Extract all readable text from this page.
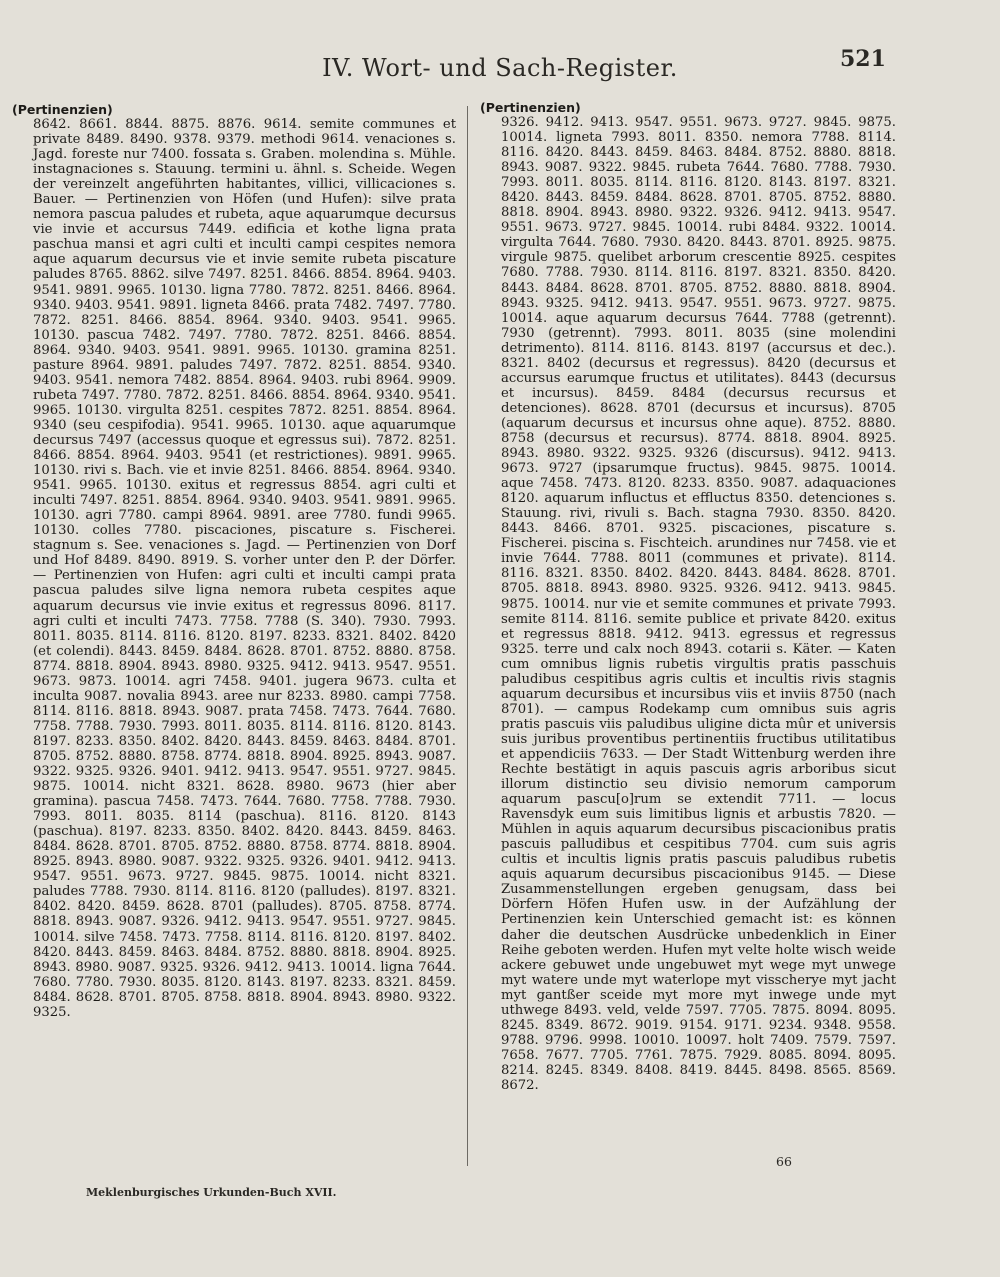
IV. Wort- und Sach-Register.	521
(Pertinenzien)
8642. 8661. 8844. 8875. 8876. 9614. semite communes et private 8489. 8490. 9378. 9379. methodi 9614. venaciones s. Jagd. foreste nur 7400. fossata s. Graben. molendina s. Mühle. instagnaciones s. Stauung. termini u. ähnl. s. Scheide. Wegen der vereinzelt angeführten habitantes, villici, villicaciones s. Bauer. — Pertinenzien von Höfen (und Hufen): silve prata nemora pascua paludes et rubeta, aque aquarumque decursus vie invie et accursus 7449. edificia et kothe ligna prata paschua mansi et agri culti et inculti campi cespites nemora aque aquarum decursus vie et invie semite rubeta piscature paludes 8765. 8862. silve 7497. 8251. 8466. 8854. 8964. 9403. 9541. 9891. 9965. 10130. ligna 7780. 7872. 8251. 8466. 8964. 9340. 9403. 9541. 9891. ligneta 8466. prata 7482. 7497. 7780. 7872. 8251. 8466. 8854. 8964. 9340. 9403. 9541. 9965. 10130. pascua 7482. 7497. 7780. 7872. 8251. 8466. 8854. 8964. 9340. 9403. 9541. 9891. 9965. 10130. gramina 8251. pasture 8964. 9891. paludes 7497. 7872. 8251. 8854. 9340. 9403. 9541. nemora 7482. 8854. 8964. 9403. rubi 8964. 9909. rubeta 7497. 7780. 7872. 8251. 8466. 8854. 8964. 9340. 9541. 9965. 10130. virgulta 8251. cespites 7872. 8251. 8854. 8964. 9340 (seu cespifodia). 9541. 9965. 10130. aque aquarumque decursus 7497 (accessus quoque et egressus sui). 7872. 8251. 8466. 8854. 8964. 9403. 9541 (et restrictiones). 9891. 9965. 10130. rivi s. Bach. vie et invie 8251. 8466. 8854. 8964. 9340. 9541. 9965. 10130. exitus et regressus 8854. agri culti et inculti 7497. 8251. 8854. 8964. 9340. 9403. 9541. 9891. 9965. 10130. agri 7780. campi 8964. 9891. aree 7780. fundi 9965. 10130. colles 7780. piscaciones, piscature s. Fischerei. stagnum s. See. venaciones s. Jagd. — Pertinenzien von Dorf und Hof 8489. 8490. 8919. S. vorher unter den P. der Dörfer. — Pertinenzien von Hufen: agri culti et inculti campi prata pascua paludes silve ligna nemora rubeta cespites aque aquarum decursus vie invie exitus et regressus 8096. 8117. agri culti et inculti 7473. 7758. 7788 (S. 340). 7930. 7993. 8011. 8035. 8114. 8116. 8120. 8197. 8233. 8321. 8402. 8420 (et colendi). 8443. 8459. 8484. 8628. 8701. 8752. 8880. 8758. 8774. 8818. 8904. 8943. 8980. 9325. 9412. 9413. 9547. 9551. 9673. 9873. 10014. agri 7458. 9401. jugera 9673. culta et inculta 9087. novalia 8943. aree nur 8233. 8980. campi 7758. 8114. 8116. 8818. 8943. 9087. prata 7458. 7473. 7644. 7680. 7758. 7788. 7930. 7993. 8011. 8035. 8114. 8116. 8120. 8143. 8197. 8233. 8350. 8402. 8420. 8443. 8459. 8463. 8484. 8701. 8705. 8752. 8880. 8758. 8774. 8818. 8904. 8925. 8943. 9087. 9322. 9325. 9326. 9401. 9412. 9413. 9547. 9551. 9727. 9845. 9875. 10014. nicht 8321. 8628. 8980. 9673 (hier aber gramina). pascua 7458. 7473. 7644. 7680. 7758. 7788. 7930. 7993. 8011. 8035. 8114 (paschua). 8116. 8120. 8143 (paschua). 8197. 8233. 8350. 8402. 8420. 8443. 8459. 8463. 8484. 8628. 8701. 8705. 8752. 8880. 8758. 8774. 8818. 8904. 8925. 8943. 8980. 9087. 9322. 9325. 9326. 9401. 9412. 9413. 9547. 9551. 9673. 9727. 9845. 9875. 10014. nicht 8321. paludes 7788. 7930. 8114. 8116. 8120 (palludes). 8197. 8321. 8402. 8420. 8459. 8628. 8701 (palludes). 8705. 8758. 8774. 8818. 8943. 9087. 9326. 9412. 9413. 9547. 9551. 9727. 9845. 10014. silve 7458. 7473. 7758. 8114. 8116. 8120. 8197. 8402. 8420. 8443. 8459. 8463. 8484. 8752. 8880. 8818. 8904. 8925. 8943. 8980. 9087. 9325. 9326. 9412. 9413. 10014. ligna 7644. 7680. 7780. 7930. 8035. 8120. 8143. 8197. 8233. 8321. 8459. 8484. 8628. 8701. 8705. 8758. 8818. 8904. 8943. 8980. 9322. 9325.
(Pertinenzien)
9326. 9412. 9413. 9547. 9551. 9673. 9727. 9845. 9875. 10014. ligneta 7993. 8011. 8350. nemora 7788. 8114. 8116. 8420. 8443. 8459. 8463. 8484. 8752. 8880. 8818. 8943. 9087. 9322. 9845. rubeta 7644. 7680. 7788. 7930. 7993. 8011. 8035. 8114. 8116. 8120. 8143. 8197. 8321. 8420. 8443. 8459. 8484. 8628. 8701. 8705. 8752. 8880. 8818. 8904. 8943. 8980. 9322. 9326. 9412. 9413. 9547. 9551. 9673. 9727. 9845. 10014. rubi 8484. 9322. 10014. virgulta 7644. 7680. 7930. 8420. 8443. 8701. 8925. 9875. virgule 9875. quelibet arborum crescentie 8925. cespites 7680. 7788. 7930. 8114. 8116. 8197. 8321. 8350. 8420. 8443. 8484. 8628. 8701. 8705. 8752. 8880. 8818. 8904. 8943. 9325. 9412. 9413. 9547. 9551. 9673. 9727. 9875. 10014. aque aquarum decursus 7644. 7788 (getrennt). 7930 (getrennt). 7993. 8011. 8035 (sine molendini detrimento). 8114. 8116. 8143. 8197 (accursus et dec.). 8321. 8402 (decursus et regressus). 8420 (decursus et accursus earumque fructus et utilitates). 8443 (decursus et incursus). 8459. 8484 (decursus recursus et detenciones). 8628. 8701 (decursus et incursus). 8705 (aquarum decursus et incursus ohne aque). 8752. 8880. 8758 (decursus et recursus). 8774. 8818. 8904. 8925. 8943. 8980. 9322. 9325. 9326 (discursus). 9412. 9413. 9673. 9727 (ipsarumque fructus). 9845. 9875. 10014. aque 7458. 7473. 8120. 8233. 8350. 9087. adaquaciones 8120. aquarum influctus et effluctus 8350. detenciones s. Stauung. rivi, rivuli s. Bach. stagna 7930. 8350. 8420. 8443. 8466. 8701. 9325. piscaciones, piscature s. Fischerei. piscina s. Fischteich. arundines nur 7458. vie et invie 7644. 7788. 8011 (communes et private). 8114. 8116. 8321. 8350. 8402. 8420. 8443. 8484. 8628. 8701. 8705. 8818. 8943. 8980. 9325. 9326. 9412. 9413. 9845. 9875. 10014. nur vie et semite communes et private 7993. semite 8114. 8116. semite publice et private 8420. exitus et regressus 8818. 9412. 9413. egressus et regressus 9325. terre und calx noch 8943. cotarii s. Käter. — Katen cum omnibus lignis rubetis virgultis pratis passchuis paludibus cespitibus agris cultis et incultis rivis stagnis aquarum decursibus et incursibus viis et inviis 8750 (nach 8701). — campus Rodekamp cum omnibus suis agris pratis pascuis viis paludibus uligine dicta mûr et universis suis juribus proventibus pertinentiis fructibus utilitatibus et appendiciis 7633. — Der Stadt Wittenburg werden ihre Rechte bestätigt in aquis pascuis agris arboribus sicut illorum distinctio seu divisio nemorum camporum aquarum pascu[o]rum se extendit 7711. — locus Ravensdyk eum suis limitibus lignis et arbustis 7820. — Mühlen in aquis aquarum decursibus piscacionibus pratis pascuis palludibus et cespitibus 7704. cum suis agris cultis et incultis lignis pratis pascuis paludibus rubetis aquis aquarum decursibus piscacionibus 9145. — Diese Zusammenstellungen ergeben genugsam, dass bei Dörfern Höfen Hufen usw. in der Aufzählung der Pertinenzien kein Unterschied gemacht ist: es können daher die deutschen Ausdrücke unbedenklich in Einer Reihe geboten werden. Hufen myt velte holte wisch weide ackere gebuwet unde ungebuwet myt wege myt unwege myt watere unde myt waterlope myt visscherye myt jacht myt gantßer sceide myt more myt inwege unde myt uthwege 8493. veld, velde 7597. 7705. 7875. 8094. 8095. 8245. 8349. 8672. 9019. 9154. 9171. 9234. 9348. 9558. 9788. 9796. 9998. 10010. 10097. holt 7409. 7579. 7597. 7658. 7677. 7705. 7761. 7875. 7929. 8085. 8094. 8095. 8214. 8245. 8349. 8408. 8419. 8445. 8498. 8565. 8569. 8672.
Meklenburgisches Urkunden-Buch XVII.
66
